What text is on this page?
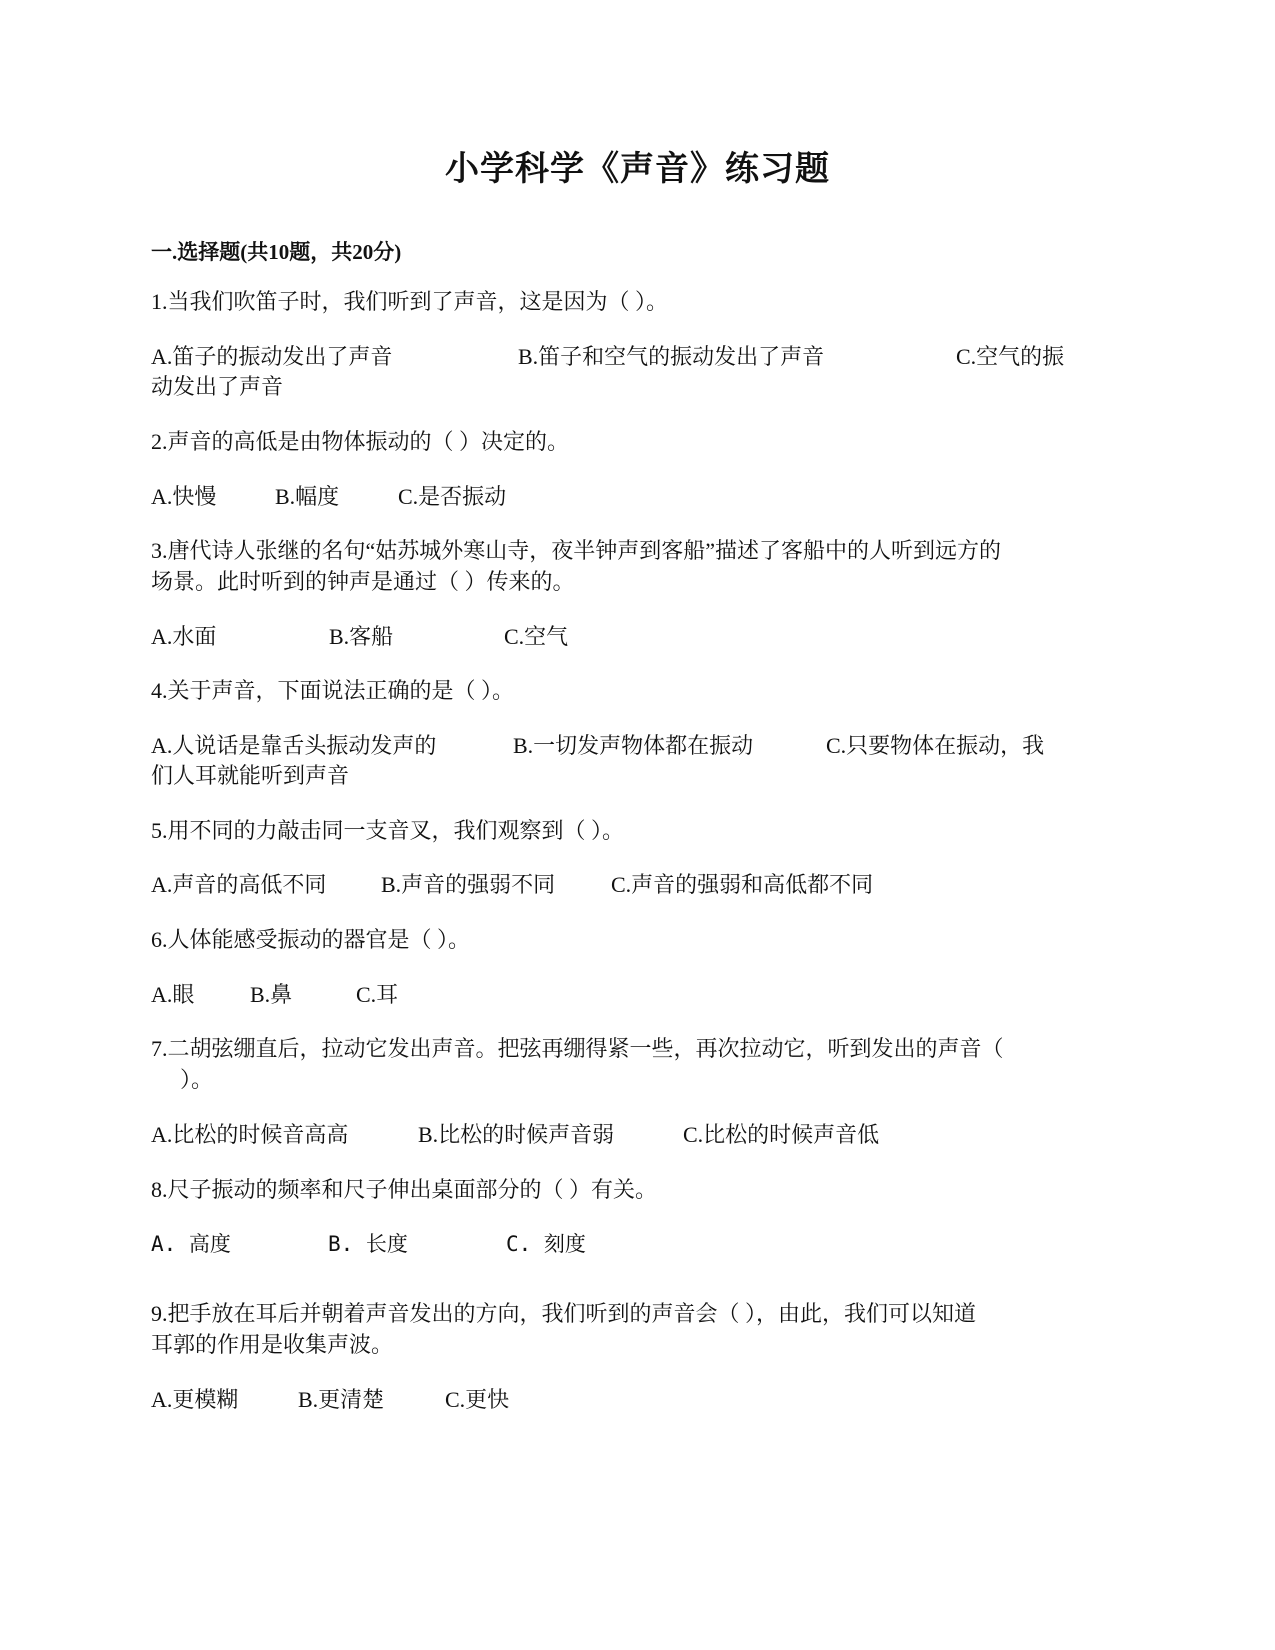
小学科学《声音》练习题
一.选择题(共10题，共20分)
1.当我们吹笛子时，我们听到了声音，这是因为（ ）。
A.笛子的振动发出了声音	B.笛子和空气的振动发出了声音	C.空气的振
动发出了声音
2.声音的高低是由物体振动的（ ）决定的。
A.快慢	B.幅度	C.是否振动
3.唐代诗人张继的名句“姑苏城外寒山寺，夜半钟声到客船”描述了客船中的人听到远方的
场景。此时听到的钟声是通过（ ）传来的。
A.水面	B.客船	C.空气
4.关于声音，下面说法正确的是（ ）。
A.人说话是靠舌头振动发声的	B.一切发声物体都在振动	C.只要物体在振动，我
们人耳就能听到声音
5.用不同的力敲击同一支音叉，我们观察到（ ）。
A.声音的高低不同 B.声音的强弱不同	C.声音的强弱和高低都不同
6.人体能感受振动的器官是（ ）。
A.眼	B.鼻	C.耳
7.二胡弦绷直后，拉动它发出声音。把弦再绷得紧一些，再次拉动它，听到发出的声音（
）。
A.比松的时候音高高	B.比松的时候声音弱	C.比松的时候声音低
8.尺子振动的频率和尺子伸出桌面部分的（ ）有关。
A. 高度	B. 长度	C. 刻度
9.把手放在耳后并朝着声音发出的方向，我们听到的声音会（ ），由此，我们可以知道
耳郭的作用是收集声波。
A.更模糊	B.更清楚	C.更快
